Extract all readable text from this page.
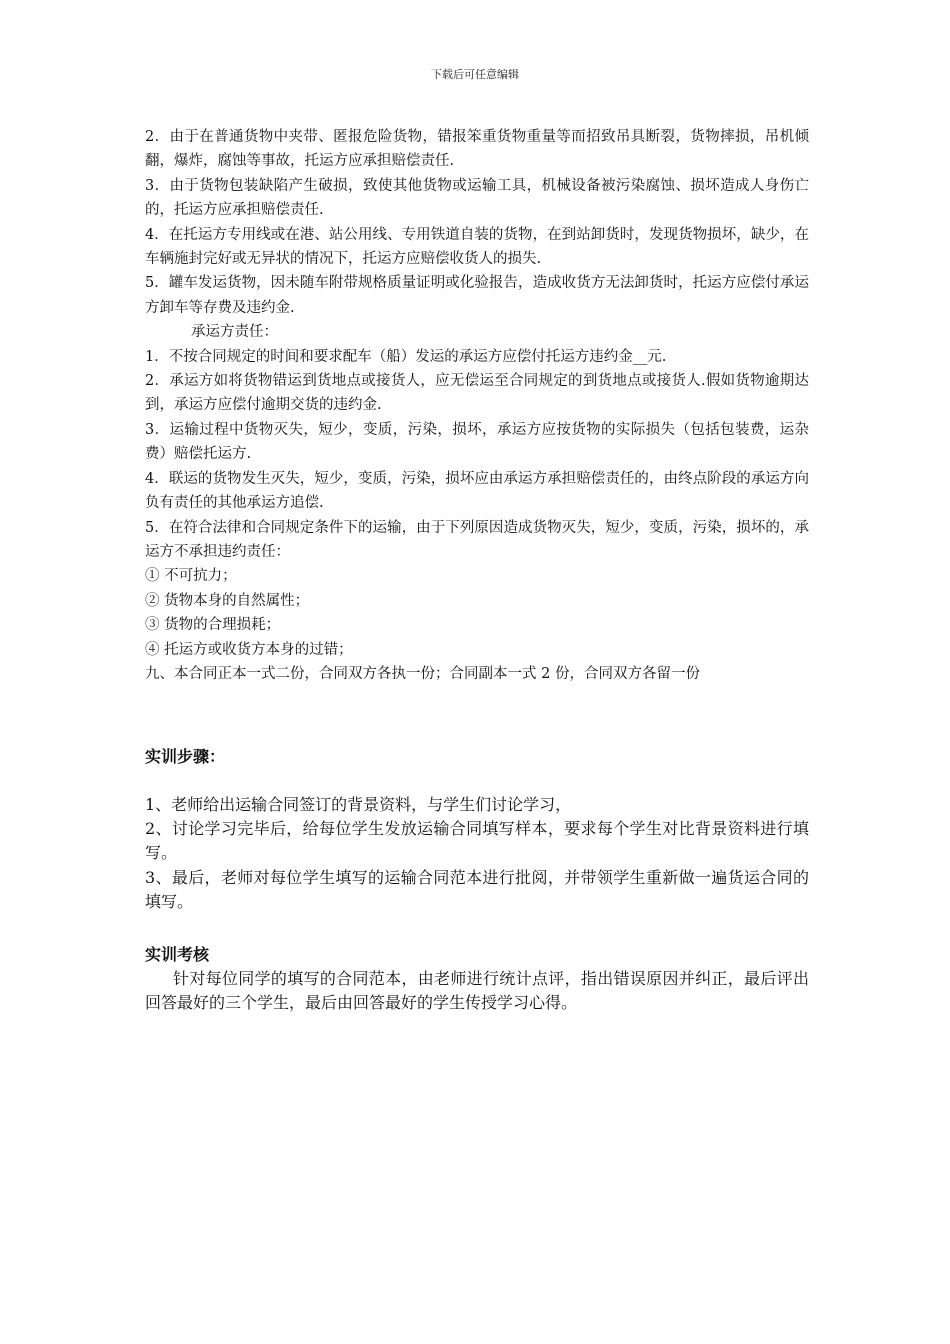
下载后可任意编辑

2．由于在普通货物中夹带、匿报危险货物，错报笨重货物重量等而招致吊具断裂，货物摔损，吊机倾翻，爆炸，腐蚀等事故，托运方应承担赔偿责任.

3．由于货物包装缺陷产生破损，致使其他货物或运输工具，机械设备被污染腐蚀、损坏造成人身伤亡的，托运方应承担赔偿责任.

4．在托运方专用线或在港、站公用线、专用铁道自装的货物，在到站卸货时，发现货物损坏，缺少，在车辆施封完好或无异状的情况下，托运方应赔偿收货人的损失.

5．罐车发运货物，因未随车附带规格质量证明或化验报告，造成收货方无法卸货时，托运方应偿付承运方卸车等存费及违约金.

承运方责任：

1．不按合同规定的时间和要求配车（船）发运的承运方应偿付托运方违约金__元.

2．承运方如将货物错运到货地点或接货人，应无偿运至合同规定的到货地点或接货人.假如货物逾期达到，承运方应偿付逾期交货的违约金.

3．运输过程中货物灭失，短少，变质，污染，损坏，承运方应按货物的实际损失（包括包装费，运杂费）赔偿托运方.

4．联运的货物发生灭失，短少，变质，污染，损坏应由承运方承担赔偿责任的，由终点阶段的承运方向负有责任的其他承运方追偿.

5．在符合法律和合同规定条件下的运输，由于下列原因造成货物灭失，短少，变质，污染，损坏的，承运方不承担违约责任：

① 不可抗力；

② 货物本身的自然属性；

③ 货物的合理损耗；

④ 托运方或收货方本身的过错；

九、本合同正本一式二份，合同双方各执一份；合同副本一式 2 份，合同双方各留一份

实训步骤：

1、老师给出运输合同签订的背景资料，与学生们讨论学习，

2、讨论学习完毕后，给每位学生发放运输合同填写样本，要求每个学生对比背景资料进行填写。

3、最后，老师对每位学生填写的运输合同范本进行批阅，并带领学生重新做一遍货运合同的填写。

实训考核

针对每位同学的填写的合同范本，由老师进行统计点评，指出错误原因并纠正，最后评出回答最好的三个学生，最后由回答最好的学生传授学习心得。
